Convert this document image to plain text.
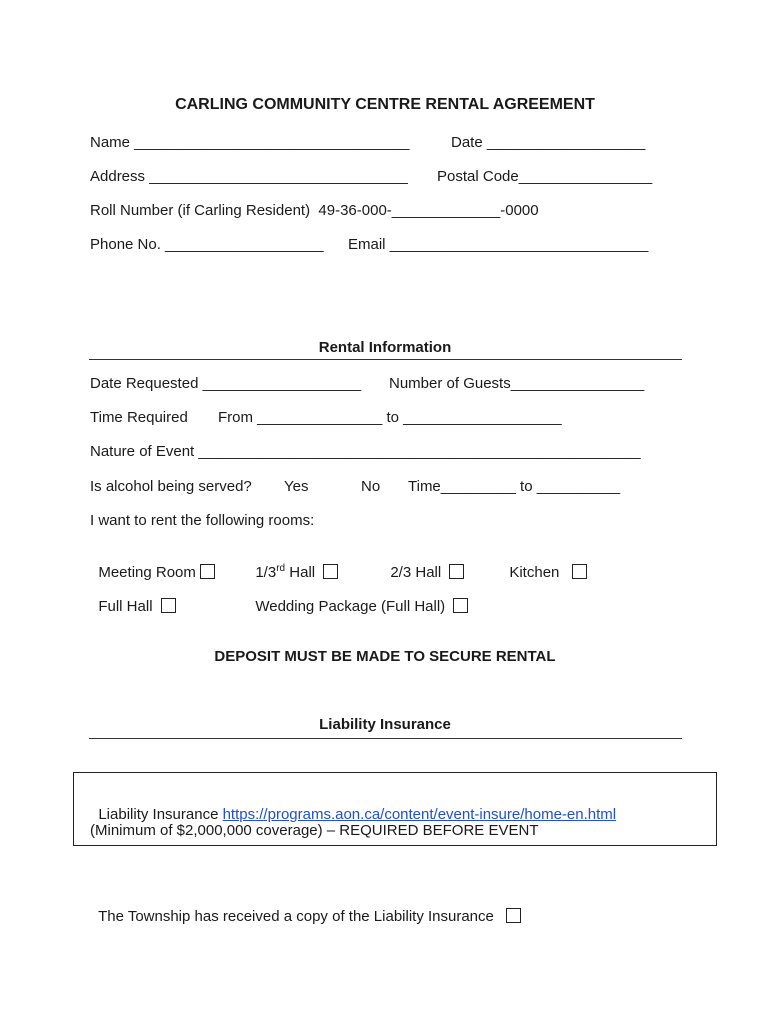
CARLING COMMUNITY CENTRE RENTAL AGREEMENT
Name _________________________________	Date ___________________
Address _______________________________ Postal Code________________
Roll Number (if Carling Resident)  49-36-000-_____________-0000
Phone No. ___________________ Email _______________________________
Rental Information
Date Requested ___________________ Number of Guests________________
Time Required From _______________ to ___________________
Nature of Event _____________________________________________________
Is alcohol being served? Yes	No Time_________ to __________
I want to rent the following rooms:

Meeting Room	1/3rd Hall	2/3 Hall	Kitchen

Full Hall	Wedding Package (Full Hall)

DEPOSIT MUST BE MADE TO SECURE RENTAL
Liability Insurance

Liability Insurance https://programs.aon.ca/content/event-insure/home-en.html

(Minimum of $2,000,000 coverage) – REQUIRED BEFORE EVENT

The Township has received a copy of the Liability Insurance
